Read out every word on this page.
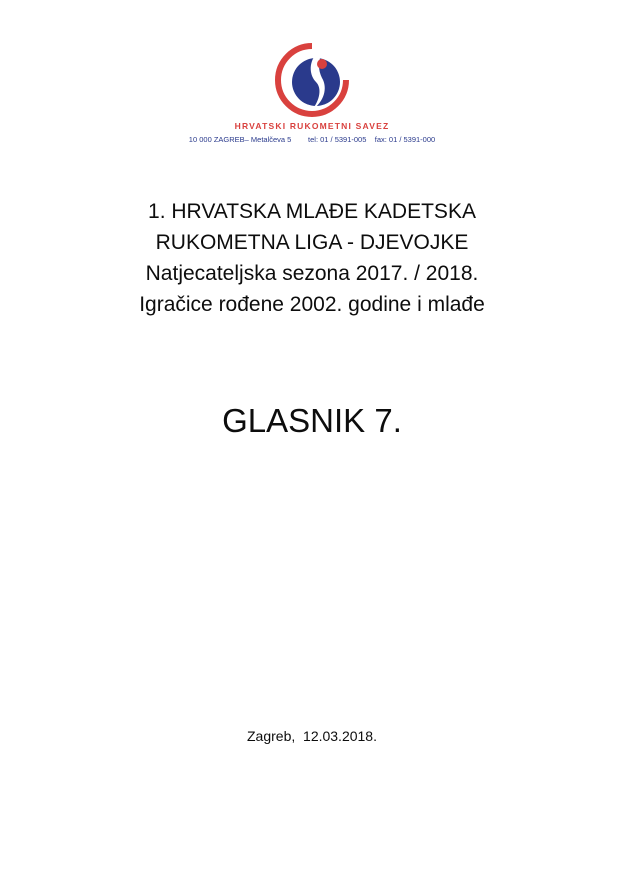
HRVATSKI RUKOMETNI SAVEZ
10 000 ZAGREB– Metalčeva 5        tel: 01 / 5391-005    fax: 01 / 5391-000
1. HRVATSKA MLAĐE KADETSKA
RUKOMETNA LIGA - DJEVOJKE
Natjecateljska sezona 2017. / 2018.
Igračice rođene 2002. godine i mlađe
GLASNIK 7.
Zagreb,  12.03.2018.
